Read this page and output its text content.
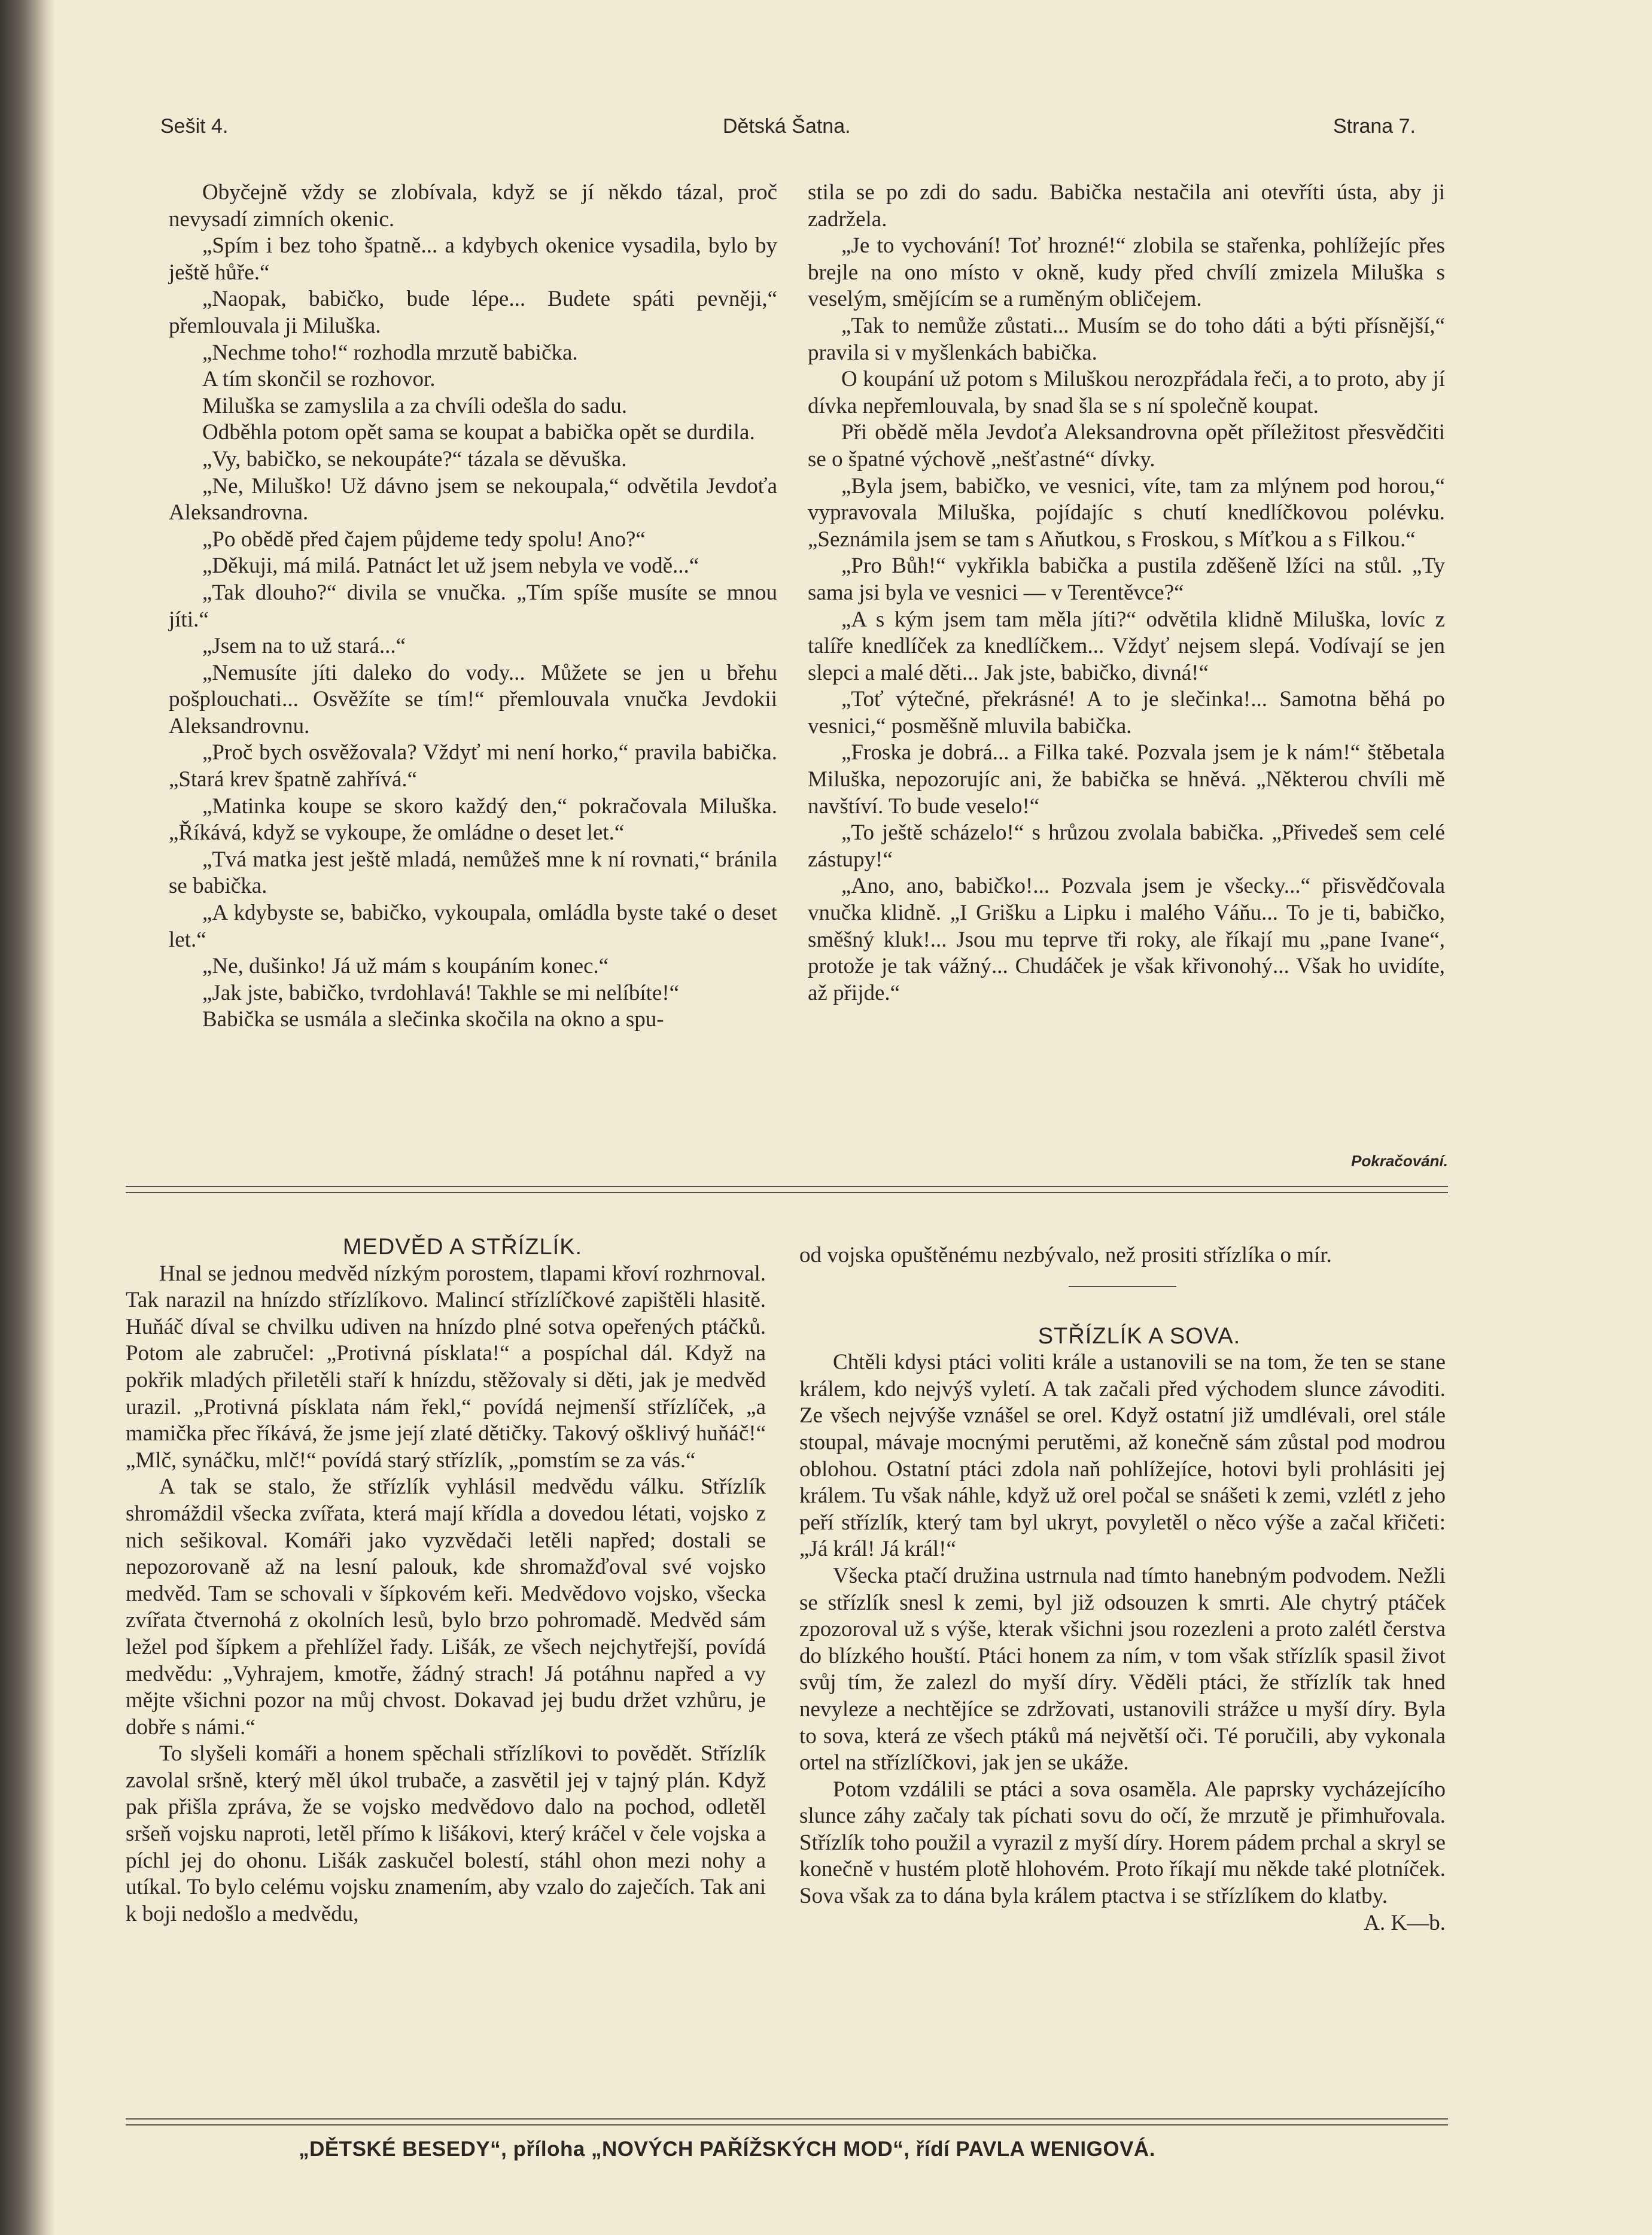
Sešit 4.	Dětská Šatna.	Strana 7.

Obyčejně vždy se zlobívala, když se jí někdo tázal, proč nevysadí zimních okenic.

„Spím i bez toho špatně... a kdybych okenice vysadila, bylo by ještě hůře.“

„Naopak, babičko, bude lépe... Budete spáti pevněji,“ přemlouvala ji Miluška.

„Nechme toho!“ rozhodla mrzutě babička.

A tím skončil se rozhovor.

Miluška se zamyslila a za chvíli odešla do sadu.

Odběhla potom opět sama se koupat a babička opět se durdila.

„Vy, babičko, se nekoupáte?“ tázala se děvuška.

„Ne, Miluško! Už dávno jsem se nekoupala,“ odvětila Jevdoťa Aleksandrovna.

„Po obědě před čajem půjdeme tedy spolu! Ano?“

„Děkuji, má milá. Patnáct let už jsem nebyla ve vodě...“

„Tak dlouho?“ divila se vnučka. „Tím spíše musíte se mnou jíti.“

„Jsem na to už stará...“

„Nemusíte jíti daleko do vody... Můžete se jen u břehu pošplouchati... Osvěžíte se tím!“ přemlouvala vnučka Jevdokii Aleksandrovnu.

„Proč bych osvěžovala? Vždyť mi není horko,“ pravila babička. „Stará krev špatně zahřívá.“

„Matinka koupe se skoro každý den,“ pokračovala Miluška. „Říkává, když se vykoupe, že omládne o deset let.“

„Tvá matka jest ještě mladá, nemůžeš mne k ní rovnati,“ bránila se babička.

„A kdybyste se, babičko, vykoupala, omládla byste také o deset let.“

„Ne, dušinko! Já už mám s koupáním konec.“

„Jak jste, babičko, tvrdohlavá! Takhle se mi nelíbíte!“

Babička se usmála a slečinka skočila na okno a spu-

stila se po zdi do sadu. Babička nestačila ani otevříti ústa, aby ji zadržela.

„Je to vychování! Toť hrozné!“ zlobila se stařenka, pohlížejíc přes brejle na ono místo v okně, kudy před chvílí zmizela Miluška s veselým, smějícím se a ruměným obličejem.

„Tak to nemůže zůstati... Musím se do toho dáti a býti přísnější,“ pravila si v myšlenkách babička.

O koupání už potom s Miluškou nerozpřádala řeči, a to proto, aby jí dívka nepřemlouvala, by snad šla se s ní společně koupat.

Při obědě měla Jevdoťa Aleksandrovna opět příležitost přesvědčiti se o špatné výchově „nešťastné“ dívky.

„Byla jsem, babičko, ve vesnici, víte, tam za mlýnem pod horou,“ vypravovala Miluška, pojídajíc s chutí knedlíčkovou polévku. „Seznámila jsem se tam s Aňutkou, s Froskou, s Míťkou a s Filkou.“

„Pro Bůh!“ vykřikla babička a pustila zděšeně lžíci na stůl. „Ty sama jsi byla ve vesnici — v Terentěvce?“

„A s kým jsem tam měla jíti?“ odvětila klidně Miluška, lovíc z talíře knedlíček za knedlíčkem... Vždyť nejsem slepá. Vodívají se jen slepci a malé děti... Jak jste, babičko, divná!“

„Toť výtečné, překrásné! A to je slečinka!... Samotna běhá po vesnici,“ posměšně mluvila babička.

„Froska je dobrá... a Filka také. Pozvala jsem je k nám!“ štěbetala Miluška, nepozorujíc ani, že babička se hněvá. „Některou chvíli mě navštíví. To bude veselo!“

„To ještě scházelo!“ s hrůzou zvolala babička. „Přivedeš sem celé zástupy!“

„Ano, ano, babičko!... Pozvala jsem je všecky...“ přisvědčovala vnučka klidně. „I Grišku a Lipku i malého Váňu... To je ti, babičko, směšný kluk!... Jsou mu teprve tři roky, ale říkají mu „pane Ivane“, protože je tak vážný... Chudáček je však křivonohý... Však ho uvidíte, až přijde.“

Pokračování.

MEDVĚD A STŘÍZLÍK.

Hnal se jednou medvěd nízkým porostem, tlapami křoví rozhrnoval. Tak narazil na hnízdo střízlíkovo. Malincí střízlíčkové zapištěli hlasitě. Huňáč díval se chvilku udiven na hnízdo plné sotva opeřených ptáčků. Potom ale zabručel: „Protivná písklata!“ a pospíchal dál. Když na pokřik mladých přiletěli staří k hnízdu, stěžovaly si děti, jak je medvěd urazil. „Protivná písklata nám řekl,“ povídá nejmenší střízlíček, „a mamička přec říkává, že jsme její zlaté dětičky. Takový ošklivý huňáč!“ „Mlč, synáčku, mlč!“ povídá starý střízlík, „pomstím se za vás.“

A tak se stalo, že střízlík vyhlásil medvědu válku. Střízlík shromáždil všecka zvířata, která mají křídla a dovedou létati, vojsko z nich sešikoval. Komáři jako vyzvědači letěli napřed; dostali se nepozorovaně až na lesní palouk, kde shromažďoval své vojsko medvěd. Tam se schovali v šípkovém keři. Medvědovo vojsko, všecka zvířata čtvernohá z okolních lesů, bylo brzo pohromadě. Medvěd sám ležel pod šípkem a přehlížel řady. Lišák, ze všech nejchytřejší, povídá medvědu: „Vyhrajem, kmotře, žádný strach! Já potáhnu napřed a vy mějte všichni pozor na můj chvost. Dokavad jej budu držet vzhůru, je dobře s námi.“

To slyšeli komáři a honem spěchali střízlíkovi to povědět. Střízlík zavolal sršně, který měl úkol trubače, a zasvětil jej v tajný plán. Když pak přišla zpráva, že se vojsko medvědovo dalo na pochod, odletěl sršeň vojsku naproti, letěl přímo k lišákovi, který kráčel v čele vojska a píchl jej do ohonu. Lišák zaskučel bolestí, stáhl ohon mezi nohy a utíkal. To bylo celému vojsku znamením, aby vzalo do zaječích. Tak ani k boji nedošlo a medvědu,

od vojska opuštěnému nezbývalo, než prositi střízlíka o mír.

STŘÍZLÍK A SOVA.

Chtěli kdysi ptáci voliti krále a ustanovili se na tom, že ten se stane králem, kdo nejvýš vyletí. A tak začali před východem slunce závoditi. Ze všech nejvýše vznášel se orel. Když ostatní již umdlévali, orel stále stoupal, mávaje mocnými perutěmi, až konečně sám zůstal pod modrou oblohou. Ostatní ptáci zdola naň pohlížejíce, hotovi byli prohlásiti jej králem. Tu však náhle, když už orel počal se snášeti k zemi, vzlétl z jeho peří střízlík, který tam byl ukryt, povyletěl o něco výše a začal křičeti: „Já král! Já král!“

Všecka ptačí družina ustrnula nad tímto hanebným podvodem. Nežli se střízlík snesl k zemi, byl již odsouzen k smrti. Ale chytrý ptáček zpozoroval už s výše, kterak všichni jsou rozezleni a proto zalétl čerstva do blízkého houští. Ptáci honem za ním, v tom však střízlík spasil život svůj tím, že zalezl do myší díry. Věděli ptáci, že střízlík tak hned nevyleze a nechtějíce se zdržovati, ustanovili strážce u myší díry. Byla to sova, která ze všech ptáků má největší oči. Té poručili, aby vykonala ortel na střízlíčkovi, jak jen se ukáže.

Potom vzdálili se ptáci a sova osaměla. Ale paprsky vycházejícího slunce záhy začaly tak píchati sovu do očí, že mrzutě je přimhuřovala. Střízlík toho použil a vyrazil z myší díry. Horem pádem prchal a skryl se konečně v hustém plotě hlohovém. Proto říkají mu někde také plotníček. Sova však za to dána byla králem ptactva i se střízlíkem do klatby.
A. K—b.

„DĚTSKÉ BESEDY“, příloha „NOVÝCH PAŘÍŽSKÝCH MOD“, řídí PAVLA WENIGOVÁ.
